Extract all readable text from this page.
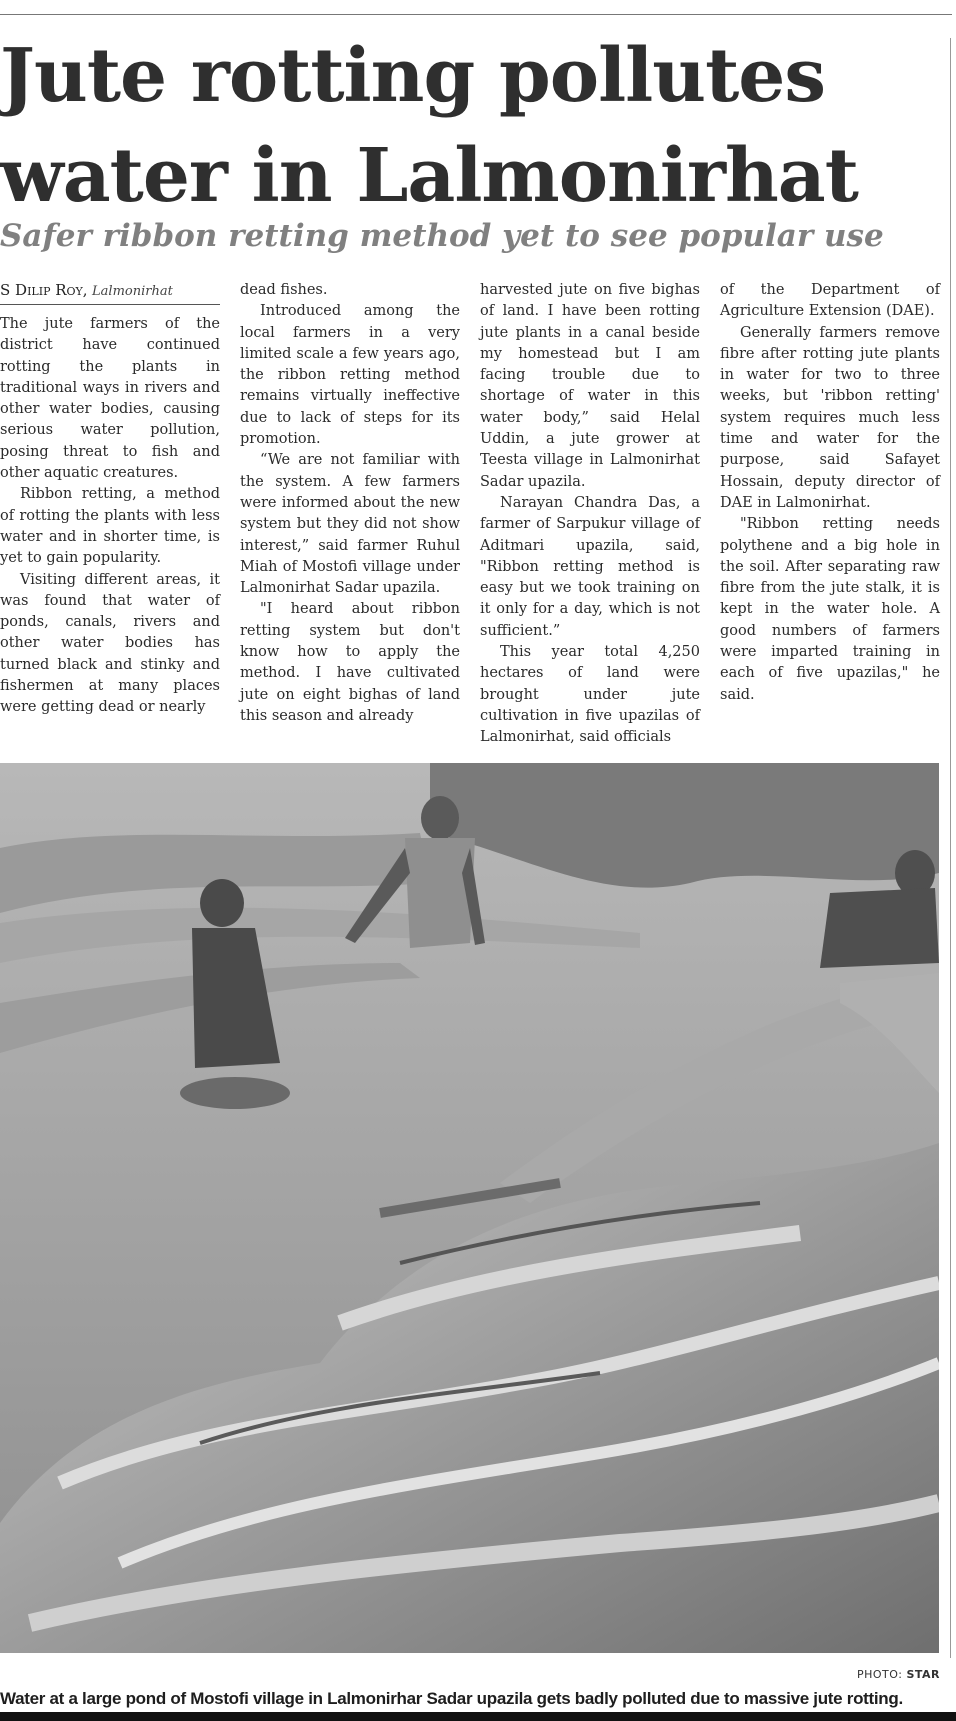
Jute rotting pollutes water in Lalmonirhat
Safer ribbon retting method yet to see popular use
S Dilip Roy, Lalmonirhat

The jute farmers of the district have continued rotting the plants in traditional ways in rivers and other water bodies, causing serious water pollution, posing threat to fish and other aquatic creatures.

Ribbon retting, a method of rotting the plants with less water and in shorter time, is yet to gain popularity.

Visiting different areas, it was found that water of ponds, canals, rivers and other water bodies has turned black and stinky and fishermen at many places were getting dead or nearly

dead fishes.

Introduced among the local farmers in a very limited scale a few years ago, the ribbon retting method remains virtually ineffective due to lack of steps for its promotion.

“We are not familiar with the system. A few farmers were informed about the new system but they did not show interest,” said farmer Ruhul Miah of Mostofi village under Lalmonirhat Sadar upazila.

"I heard about ribbon retting system but don't know how to apply the method. I have cultivated jute on eight bighas of land this season and already

harvested jute on five bighas of land. I have been rotting jute plants in a canal beside my homestead but I am facing trouble due to shortage of water in this water body,” said Helal Uddin, a jute grower at Teesta village in Lalmonirhat Sadar upazila.

Narayan Chandra Das, a farmer of Sarpukur village of Aditmari upazila, said, "Ribbon retting method is easy but we took training on it only for a day, which is not sufficient.”

This year total 4,250 hectares of land were brought under jute cultivation in five upazilas of Lalmonirhat, said officials

of the Department of Agriculture Extension (DAE).

Generally farmers remove fibre after rotting jute plants in water for two to three weeks, but 'ribbon retting' system requires much less time and water for the purpose, said Safayet Hossain, deputy director of DAE in Lalmonirhat.

"Ribbon retting needs polythene and a big hole in the soil. After separating raw fibre from the jute stalk, it is kept in the water hole. A good numbers of farmers were imparted training in each of five upazilas," he said.

PHOTO: STAR
Water at a large pond of Mostofi village in Lalmonirhar Sadar upazila gets badly polluted due to massive jute rotting.
